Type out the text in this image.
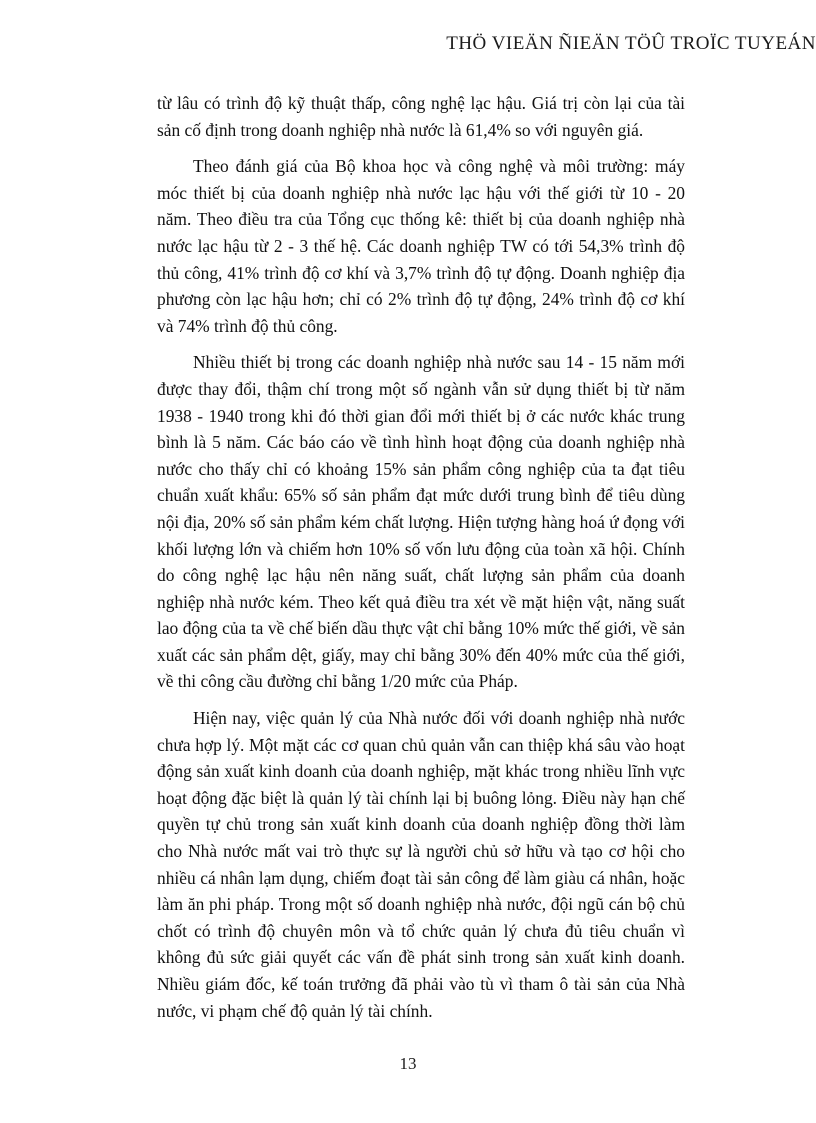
THÖ VIEÄN ÑIEÄN TÖÛ TROÏC TUYEÁN

từ lâu có trình độ kỹ thuật thấp, công nghệ lạc hậu. Giá trị còn lại của tài sản cố định trong doanh nghiệp nhà nước là 61,4% so với nguyên giá.

Theo đánh giá của Bộ khoa học và công nghệ và môi trường: máy móc thiết bị của doanh nghiệp nhà nước lạc hậu với thế giới từ 10 - 20 năm. Theo điều tra của Tổng cục thống kê: thiết bị của doanh nghiệp nhà nước lạc hậu từ 2 - 3 thế hệ. Các doanh nghiệp TW có tới 54,3% trình độ thủ công, 41% trình độ cơ khí và 3,7% trình độ tự động. Doanh nghiệp địa phương còn lạc hậu hơn; chỉ có 2% trình độ tự động, 24% trình độ cơ khí và 74% trình độ thủ công.

Nhiều thiết bị trong các doanh nghiệp nhà nước sau 14 - 15 năm mới được thay đổi, thậm chí trong một số ngành vẫn sử dụng thiết bị từ năm 1938 - 1940 trong khi đó thời gian đổi mới thiết bị ở các nước khác trung bình là 5 năm. Các báo cáo về tình hình hoạt động của doanh nghiệp nhà nước cho thấy chỉ có khoảng 15% sản phẩm công nghiệp của ta đạt tiêu chuẩn xuất khẩu: 65% số sản phẩm đạt mức dưới trung bình để tiêu dùng nội địa, 20% số sản phẩm kém chất lượng. Hiện tượng hàng hoá ứ đọng với khối lượng lớn và chiếm hơn 10% số vốn lưu động của toàn xã hội. Chính do công nghệ lạc hậu nên năng suất, chất lượng sản phẩm của doanh nghiệp nhà nước kém. Theo kết quả điều tra xét về mặt hiện vật, năng suất lao động của ta về chế biến dầu thực vật chỉ bằng 10% mức thế giới, về sản xuất các sản phẩm dệt, giấy, may chỉ bằng 30% đến 40% mức của thế giới, về thi công cầu đường chỉ bằng 1/20 mức của Pháp.

Hiện nay, việc quản lý của Nhà nước đối với doanh nghiệp nhà nước chưa hợp lý. Một mặt các cơ quan chủ quản vẫn can thiệp khá sâu vào hoạt động sản xuất kinh doanh của doanh nghiệp, mặt khác trong nhiều lĩnh vực hoạt động đặc biệt là quản lý tài chính lại bị buông lỏng. Điều này hạn chế quyền tự chủ trong sản xuất kinh doanh của doanh nghiệp đồng thời làm cho Nhà nước mất vai trò thực sự là người chủ sở hữu và tạo cơ hội cho nhiều cá nhân lạm dụng, chiếm đoạt tài sản công để làm giàu cá nhân, hoặc làm ăn phi pháp. Trong một số doanh nghiệp nhà nước, đội ngũ cán bộ chủ chốt có trình độ chuyên môn và tổ chức quản lý chưa đủ tiêu chuẩn vì không đủ sức giải quyết các vấn đề phát sinh trong sản xuất kinh doanh. Nhiều giám đốc, kế toán trưởng đã phải vào tù vì tham ô tài sản của Nhà nước, vi phạm chế độ quản lý tài chính.

13
